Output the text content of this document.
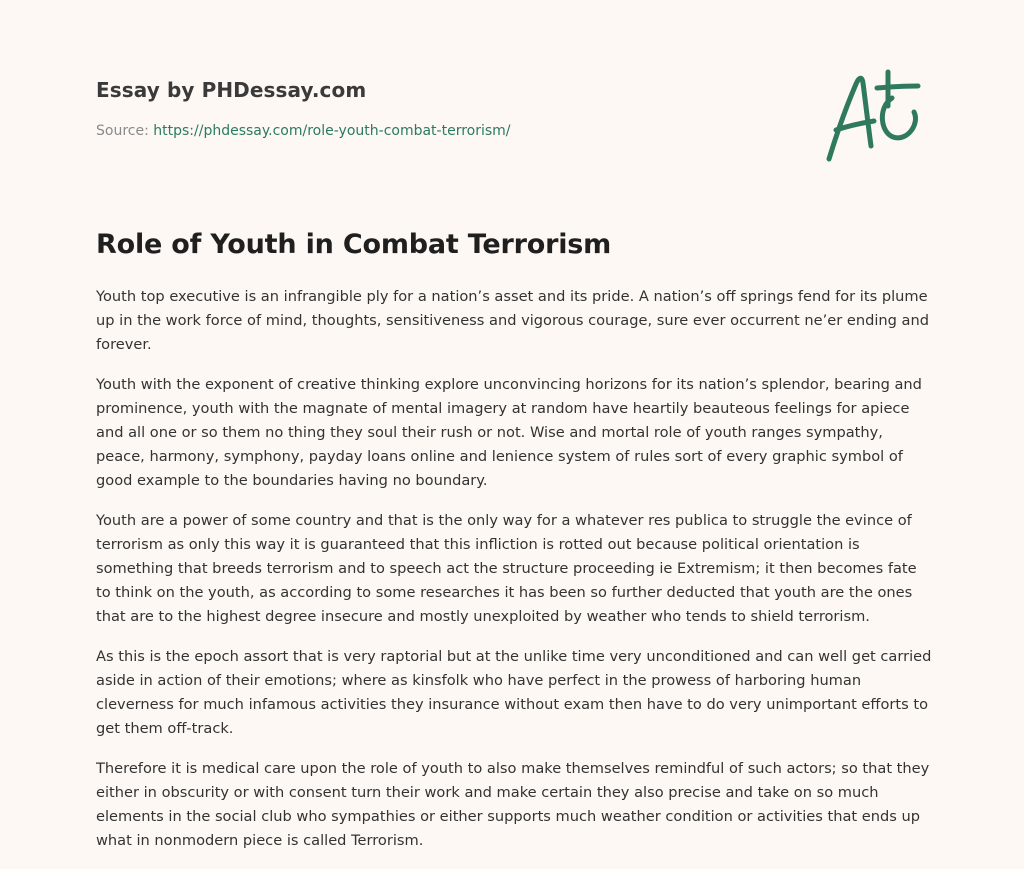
Essay by PHDessay.com
Source: https://phdessay.com/role-youth-combat-terrorism/
Role of Youth in Combat Terrorism

Youth top executive is an infrangible ply for a nation’s asset and its pride. A nation’s off springs fend for its plume up in the work force of mind, thoughts, sensitiveness and vigorous courage, sure ever occurrent ne’er ending and forever.

Youth with the exponent of creative thinking explore unconvincing horizons for its nation’s splendor, bearing and prominence, youth with the magnate of mental imagery at random have heartily beauteous feelings for apiece and all one or so them no thing they soul their rush or not. Wise and mortal role of youth ranges sympathy, peace, harmony, symphony, payday loans online and lenience system of rules sort of every graphic symbol of good example to the boundaries having no boundary.

Youth are a power of some country and that is the only way for a whatever res publica to struggle the evince of terrorism as only this way it is guaranteed that this infliction is rotted out because political orientation is something that breeds terrorism and to speech act the structure proceeding ie Extremism; it then becomes fate to think on the youth, as according to some researches it has been so further deducted that youth are the ones that are to the highest degree insecure and mostly unexploited by weather who tends to shield terrorism.

As this is the epoch assort that is very raptorial but at the unlike time very unconditioned and can well get carried aside in action of their emotions; where as kinsfolk who have perfect in the prowess of harboring human cleverness for much infamous activities they insurance without exam then have to do very unimportant efforts to get them off-track.

Therefore it is medical care upon the role of youth to also make themselves remindful of such actors; so that they either in obscurity or with consent turn their work and make certain they also precise and take on so much elements in the social club who sympathies or either supports much weather condition or activities that ends up what in nonmodern piece is called Terrorism.
